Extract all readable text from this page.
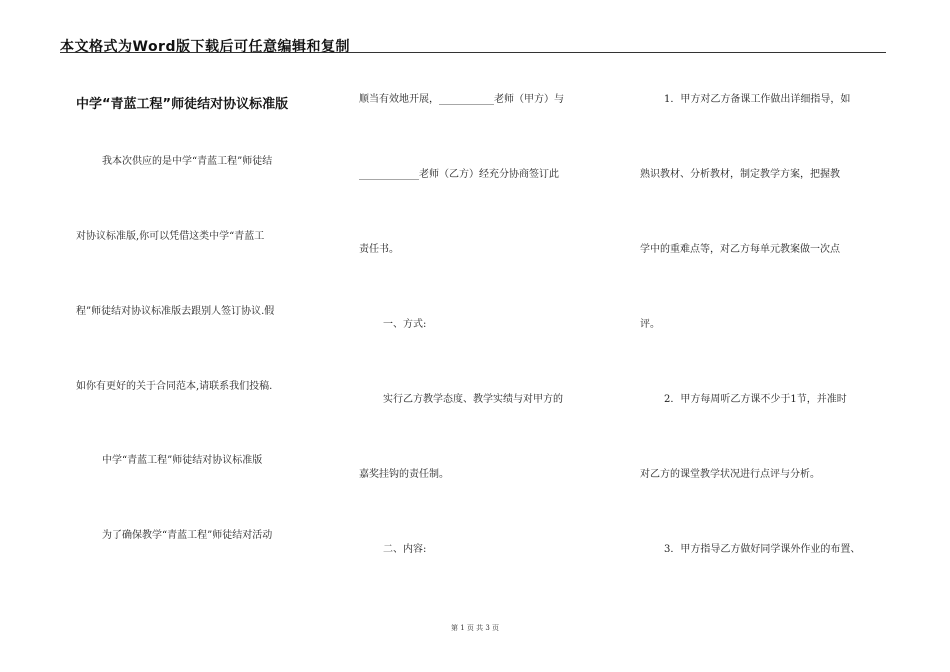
本文格式为Word版下载后可任意编辑和复制
中学“青蓝工程”师徒结对协议标准版
我本次供应的是中学“青蓝工程”师徒结
对协议标准版,你可以凭借这类中学“青蓝工
程”师徒结对协议标准版去跟别人签订协议.假
如你有更好的关于合同范本,请联系我们投稿.
中学“青蓝工程”师徒结对协议标准版
为了确保教学“青蓝工程”师徒结对活动
顺当有效地开展，___________老师（甲方）与
____________老师（乙方）经充分协商签订此
责任书。
一、方式:
实行乙方教学态度、教学实绩与对甲方的
嘉奖挂钩的责任制。
二、内容:
1．甲方对乙方备课工作做出详细指导，如
熟识教材、分析教材，制定教学方案，把握教
学中的重难点等，对乙方每单元教案做一次点
评。
2．甲方每周听乙方课不少于1节，并准时
对乙方的课堂教学状况进行点评与分析。
3．甲方指导乙方做好同学课外作业的布置、
第 1 页 共 3 页
